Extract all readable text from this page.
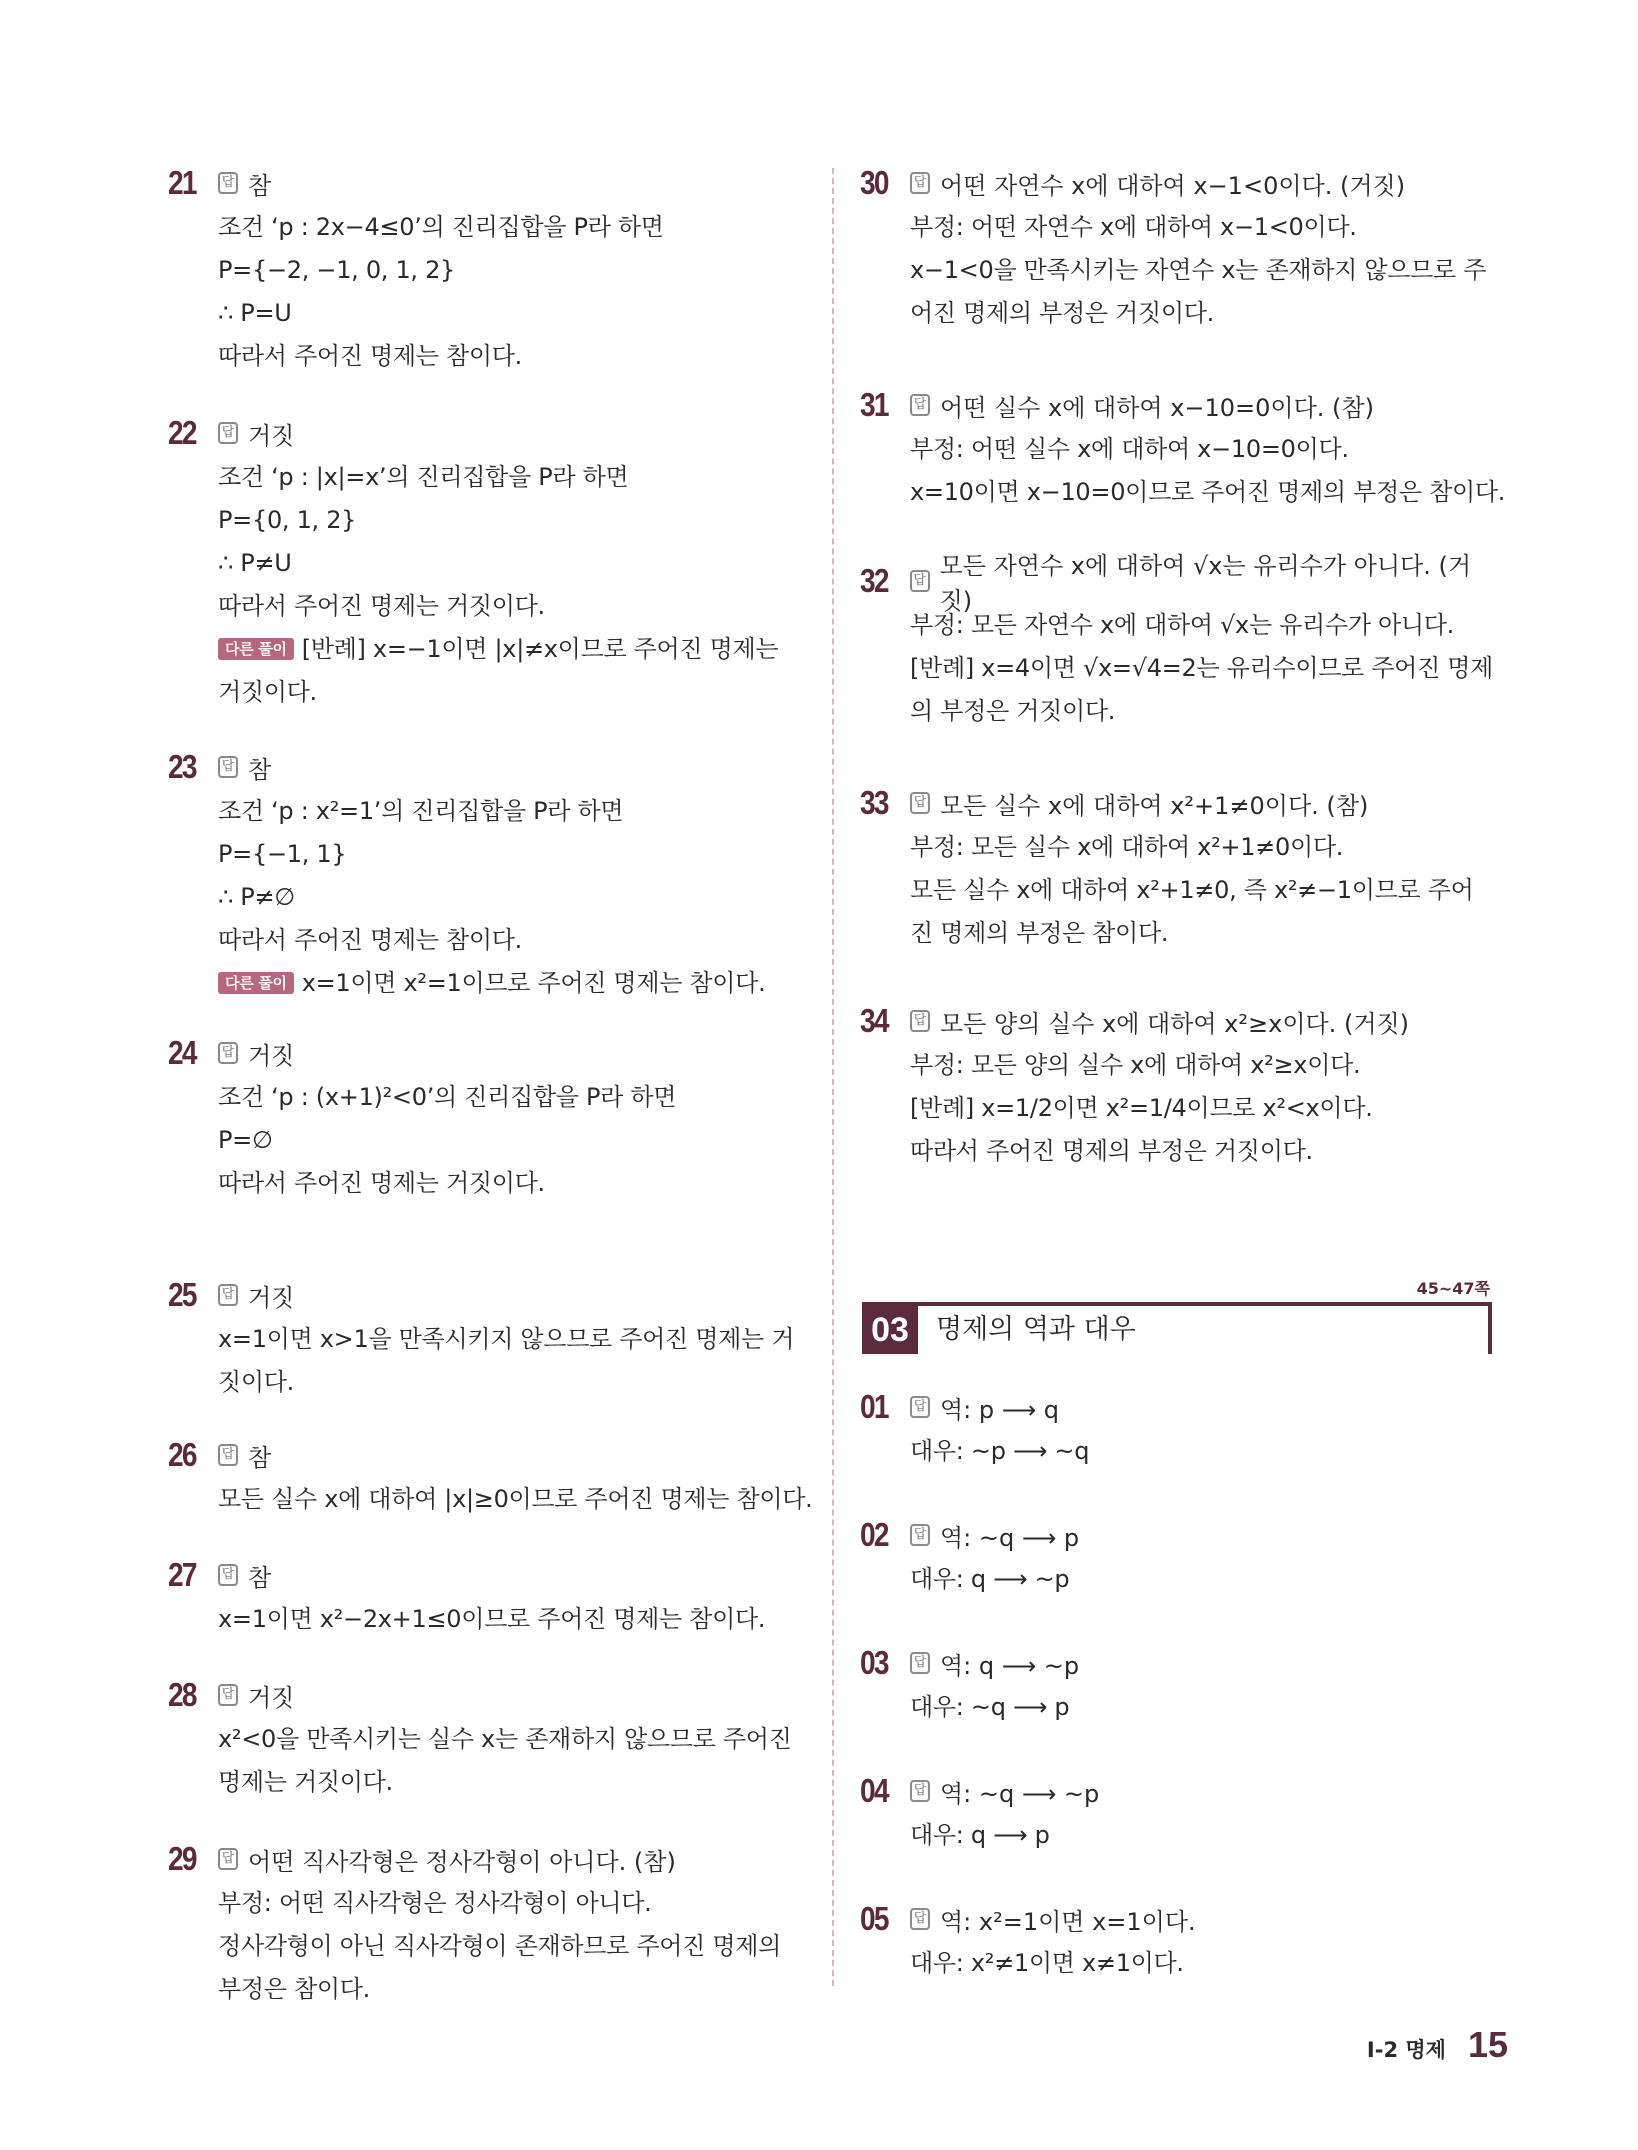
21	답 참
조건 ‘p : 2x−4≤0’의 진리집합을 P라 하면
P={−2, −1, 0, 1, 2}
∴ P=U
따라서 주어진 명제는 참이다.
22	답 거짓
조건 ‘p : |x|=x’의 진리집합을 P라 하면
P={0, 1, 2}
∴ P≠U
따라서 주어진 명제는 거짓이다.
다른 풀이 [반례] x=−1이면 |x|≠x이므로 주어진 명제는
거짓이다.
23	답 참
조건 ‘p : x²=1’의 진리집합을 P라 하면
P={−1, 1}
∴ P≠∅
따라서 주어진 명제는 참이다.
다른 풀이 x=1이면 x²=1이므로 주어진 명제는 참이다.
24	답 거짓
조건 ‘p : (x+1)²<0’의 진리집합을 P라 하면
P=∅
따라서 주어진 명제는 거짓이다.
25	답 거짓
x=1이면 x>1을 만족시키지 않으므로 주어진 명제는 거
짓이다.
26	답 참
모든 실수 x에 대하여 |x|≥0이므로 주어진 명제는 참이다.
27	답 참
x=1이면 x²−2x+1≤0이므로 주어진 명제는 참이다.
28	답 거짓
x²<0을 만족시키는 실수 x는 존재하지 않으므로 주어진
명제는 거짓이다.
29	답 어떤 직사각형은 정사각형이 아니다. (참)
부정: 어떤 직사각형은 정사각형이 아니다.
정사각형이 아닌 직사각형이 존재하므로 주어진 명제의
부정은 참이다.
30	답 어떤 자연수 x에 대하여 x−1<0이다. (거짓)
부정: 어떤 자연수 x에 대하여 x−1<0이다.
x−1<0을 만족시키는 자연수 x는 존재하지 않으므로 주
어진 명제의 부정은 거짓이다.
31	답 어떤 실수 x에 대하여 x−10=0이다. (참)
부정: 어떤 실수 x에 대하여 x−10=0이다.
x=10이면 x−10=0이므로 주어진 명제의 부정은 참이다.
32	답
모든 자연수 x에 대하여 √x는 유리수가 아니다. (거짓)
부정: 모든 자연수 x에 대하여 √x는 유리수가 아니다.
[반례] x=4이면 √x=√4=2는 유리수이므로 주어진 명제
의 부정은 거짓이다.
33	답 모든 실수 x에 대하여 x²+1≠0이다. (참)
부정: 모든 실수 x에 대하여 x²+1≠0이다.
모든 실수 x에 대하여 x²+1≠0, 즉 x²≠−1이므로 주어
진 명제의 부정은 참이다.
34	답 모든 양의 실수 x에 대하여 x²≥x이다. (거짓)
부정: 모든 양의 실수 x에 대하여 x²≥x이다.
[반례] x=1/2이면 x²=1/4이므로 x²<x이다.
따라서 주어진 명제의 부정은 거짓이다.
45~47쪽
03	명제의 역과 대우
01	답 역: p ⟶ q
대우: ~p ⟶ ~q
02	답 역: ~q ⟶ p
대우: q ⟶ ~p
03	답 역: q ⟶ ~p
대우: ~q ⟶ p
04	답 역: ~q ⟶ ~p
대우: q ⟶ p
05	답 역: x²=1이면 x=1이다.
대우: x²≠1이면 x≠1이다.
I-2 명제 15
